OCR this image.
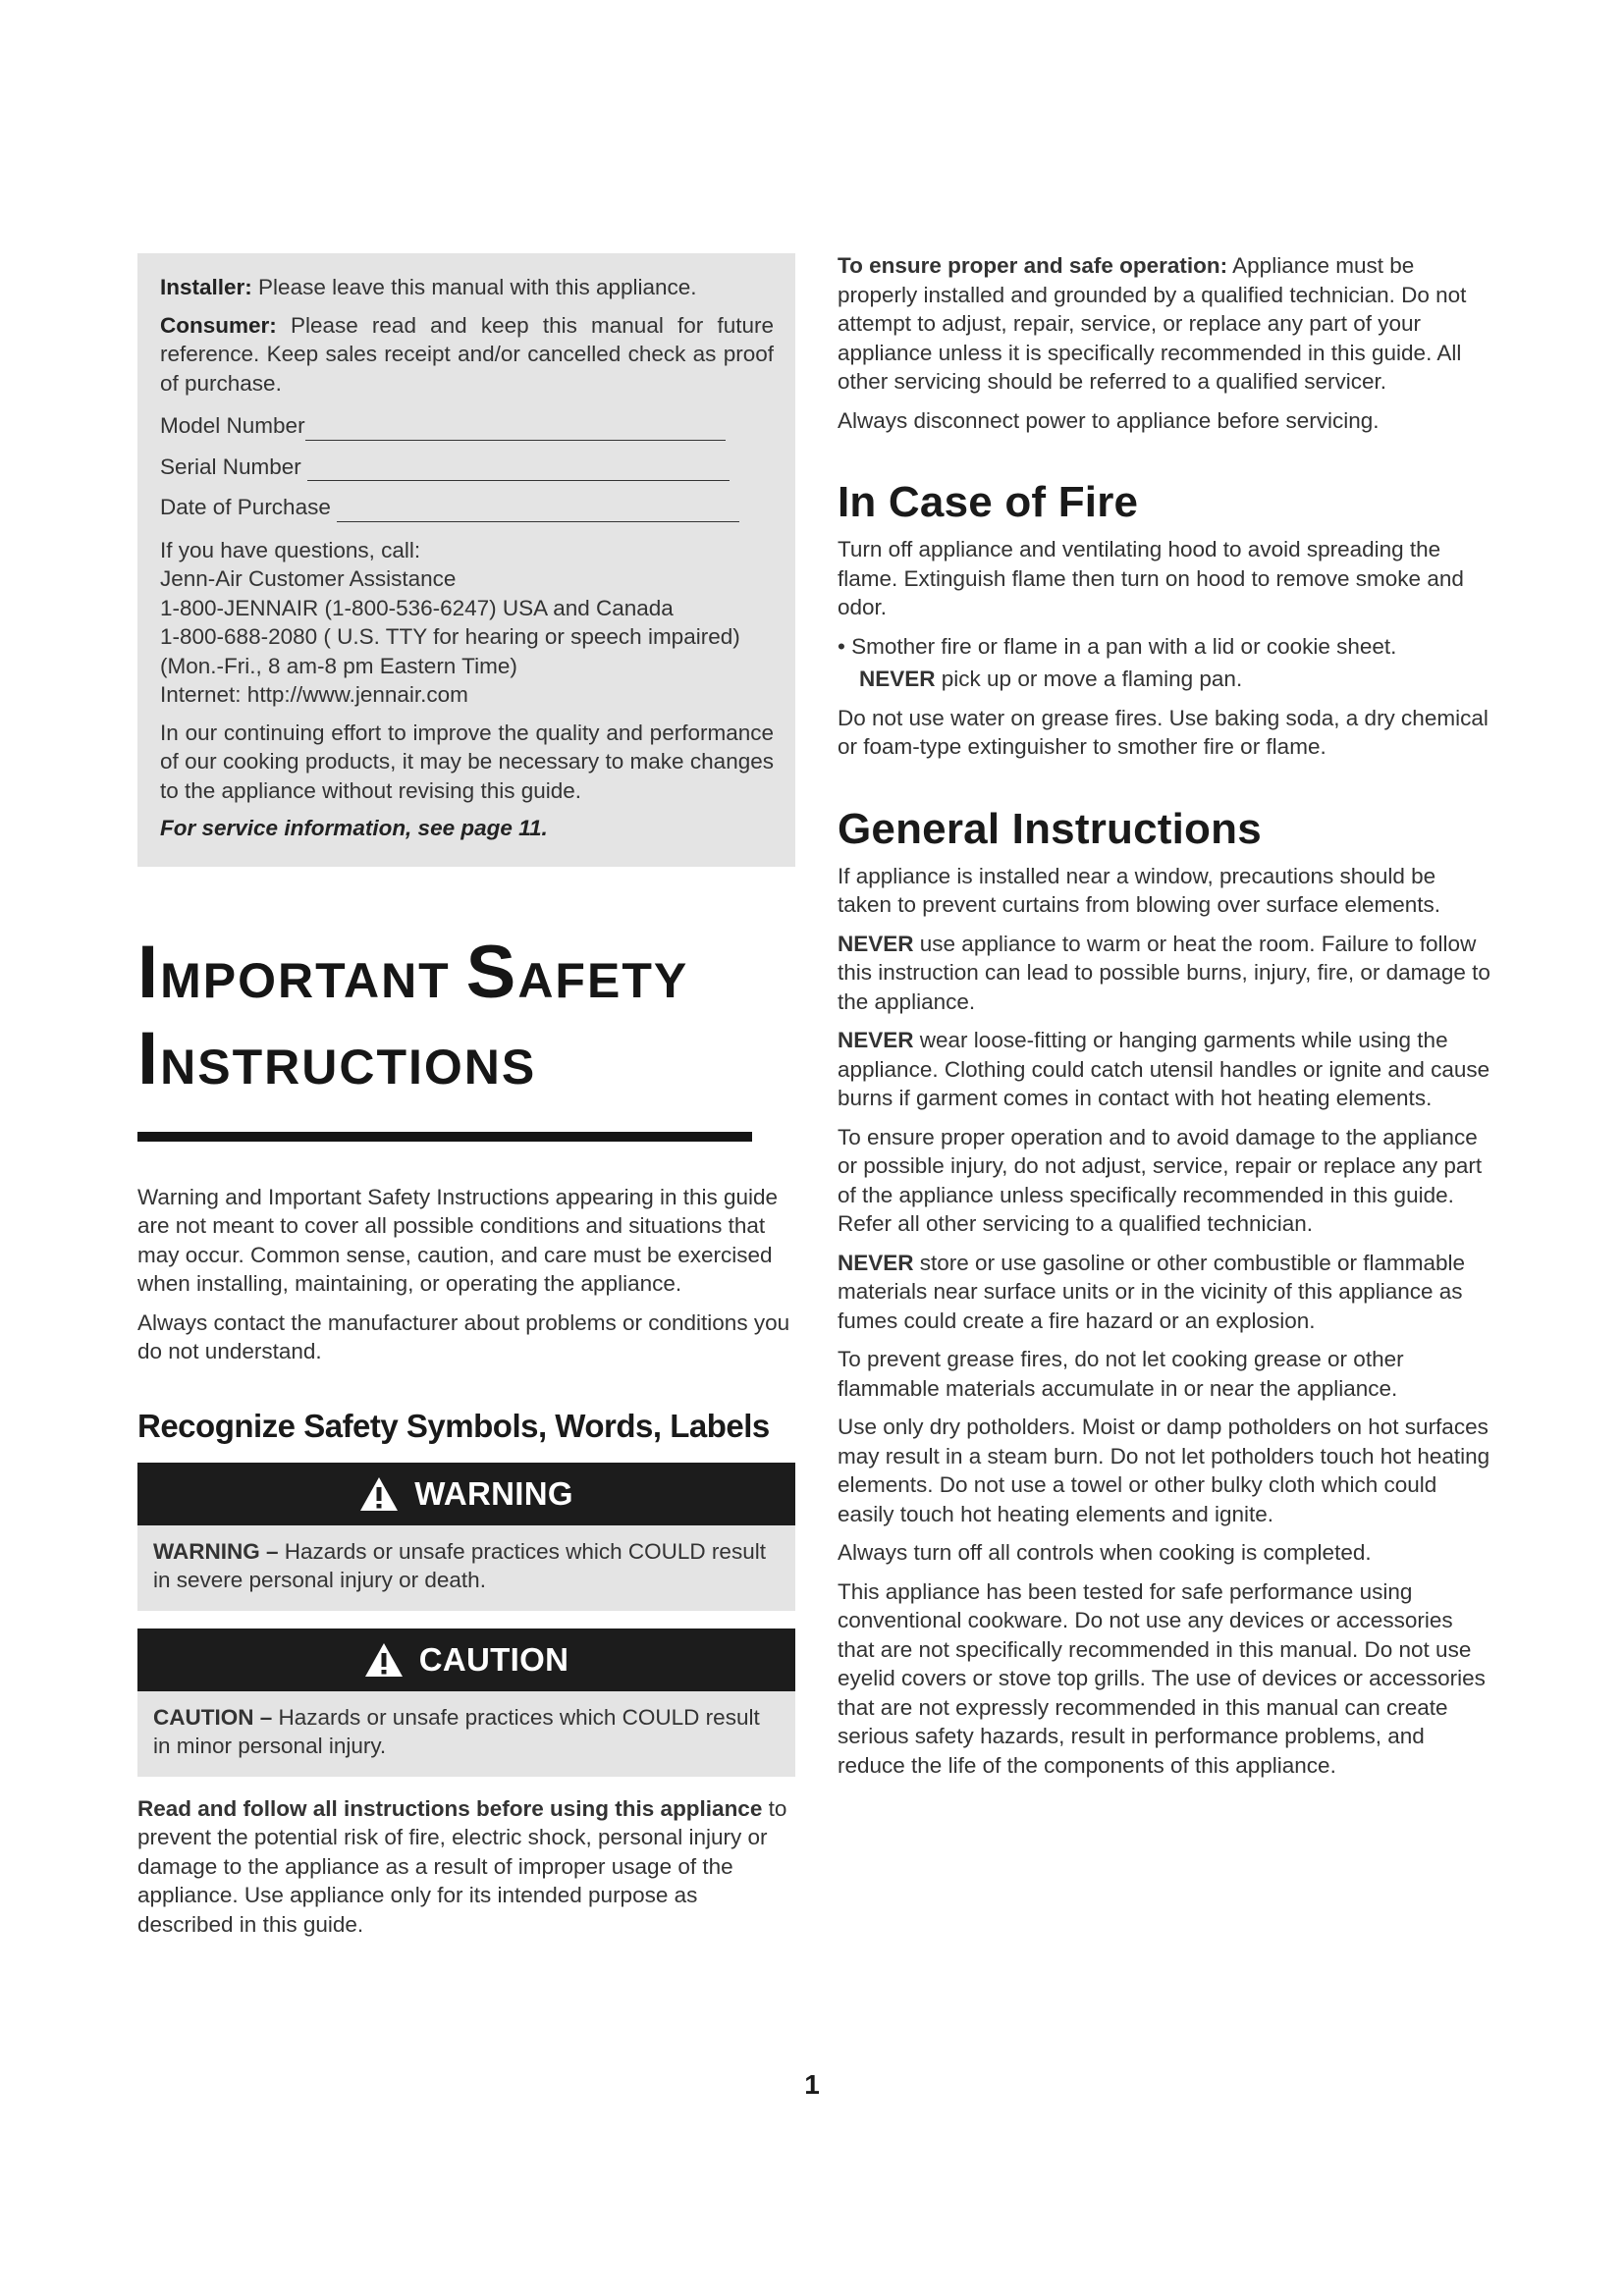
Installer: Please leave this manual with this appliance.

Consumer: Please read and keep this manual for future reference. Keep sales receipt and/or cancelled check as proof of purchase.

Model Number
Serial Number
Date of Purchase
If you have questions, call:
Jenn-Air Customer Assistance
1-800-JENNAIR (1-800-536-6247) USA and Canada
1-800-688-2080 ( U.S. TTY for hearing or speech impaired)
(Mon.-Fri., 8 am-8 pm Eastern Time)
Internet: http://www.jennair.com

In our continuing effort to improve the quality and performance of our cooking products, it may be necessary to make changes to the appliance without revising this guide.

For service information, see page 11.
IMPORTANT SAFETY
INSTRUCTIONS

Warning and Important Safety Instructions appearing in this guide are not meant to cover all possible conditions and situations that may occur. Common sense, caution, and care must be exercised when installing, maintaining, or operating the appliance.

Always contact the manufacturer about problems or conditions you do not understand.

Recognize Safety Symbols, Words, Labels
WARNING
WARNING – Hazards or unsafe practices which COULD result in severe personal injury or death.
CAUTION
CAUTION – Hazards or unsafe practices which COULD result in minor personal injury.

Read and follow all instructions before using this appliance to prevent the potential risk of fire, electric shock, personal injury or damage to the appliance as a result of improper usage of the appliance. Use appliance only for its intended purpose as described in this guide.

To ensure proper and safe operation: Appliance must be properly installed and grounded by a qualified technician. Do not attempt to adjust, repair, service, or replace any part of your appliance unless it is specifically recommended in this guide. All other servicing should be referred to a qualified servicer.

Always disconnect power to appliance before servicing.

In Case of Fire

Turn off appliance and ventilating hood to avoid spreading the flame. Extinguish flame then turn on hood to remove smoke and odor.

• Smother fire or flame in a pan with a lid or cookie sheet.
NEVER pick up or move a flaming pan.

Do not use water on grease fires. Use baking soda, a dry chemical or foam-type extinguisher to smother fire or flame.

General Instructions

If appliance is installed near a window, precautions should be taken to prevent curtains from blowing over surface elements.

NEVER use appliance to warm or heat the room. Failure to follow this instruction can lead to possible burns, injury, fire, or damage to the appliance.

NEVER wear loose-fitting or hanging garments while using the appliance. Clothing could catch utensil handles or ignite and cause burns if garment comes in contact with hot heating elements.

To ensure proper operation and to avoid damage to the appliance or possible injury, do not adjust, service, repair or replace any part of the appliance unless specifically recommended in this guide. Refer all other servicing to a qualified technician.

NEVER store or use gasoline or other combustible or flammable materials near surface units or in the vicinity of this appliance as fumes could create a fire hazard or an explosion.

To prevent grease fires, do not let cooking grease or other flammable materials accumulate in or near the appliance.

Use only dry potholders. Moist or damp potholders on hot surfaces may result in a steam burn. Do not let potholders touch hot heating elements. Do not use a towel or other bulky cloth which could easily touch hot heating elements and ignite.

Always turn off all controls when cooking is completed.

This appliance has been tested for safe performance using conventional cookware. Do not use any devices or accessories that are not specifically recommended in this manual. Do not use eyelid covers or stove top grills. The use of devices or accessories that are not expressly recommended in this manual can create serious safety hazards, result in performance problems, and reduce the life of the components of this appliance.

1
